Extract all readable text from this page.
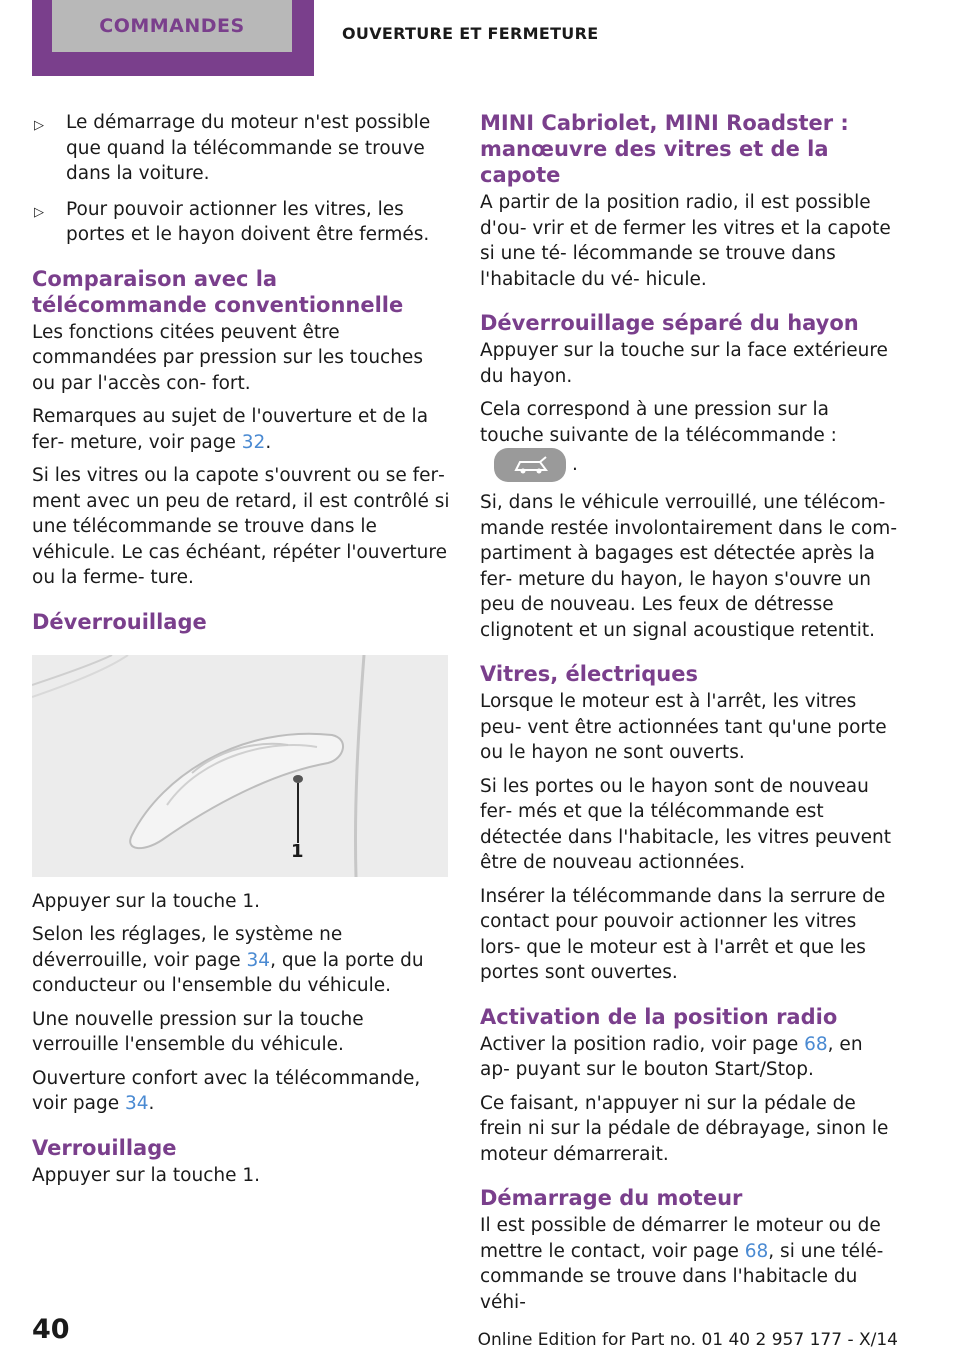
COMMANDES	OUVERTURE ET FERMETURE

▷ Le démarrage du moteur n'est possible que quand la télécommande se trouve dans la voiture.

▷ Pour pouvoir actionner les vitres, les portes et le hayon doivent être fermés.

Comparaison avec la télécommande conventionnelle

Les fonctions citées peuvent être commandées par pression sur les touches ou par l'accès con‐ fort.

Remarques au sujet de l'ouverture et de la fer‐ meture, voir page 32.

Si les vitres ou la capote s'ouvrent ou se fer‐ ment avec un peu de retard, il est contrôlé si une télécommande se trouve dans le véhicule. Le cas échéant, répéter l'ouverture ou la ferme‐ ture.

Déverrouillage
1

Appuyer sur la touche 1.

Selon les réglages, le système ne déverrouille, voir page 34, que la porte du conducteur ou l'ensemble du véhicule.

Une nouvelle pression sur la touche verrouille l'ensemble du véhicule.

Ouverture confort avec la télécommande, voir page 34.

Verrouillage

Appuyer sur la touche 1.

MINI Cabriolet, MINI Roadster : manœuvre des vitres et de la capote

A partir de la position radio, il est possible d'ou‐ vrir et de fermer les vitres et la capote si une té‐ lécommande se trouve dans l'habitacle du vé‐ hicule.

Déverrouillage séparé du hayon

Appuyer sur la touche sur la face extérieure du hayon.

Cela correspond à une pression sur la touche suivante de la télécommande :.

Si, dans le véhicule verrouillé, une télécom‐ mande restée involontairement dans le com‐ partiment à bagages est détectée après la fer‐ meture du hayon, le hayon s'ouvre un peu de nouveau. Les feux de détresse clignotent et un signal acoustique retentit.

Vitres, électriques

Lorsque le moteur est à l'arrêt, les vitres peu‐ vent être actionnées tant qu'une porte ou le hayon ne sont ouverts.

Si les portes ou le hayon sont de nouveau fer‐ més et que la télécommande est détectée dans l'habitacle, les vitres peuvent être de nouveau actionnées.

Insérer la télécommande dans la serrure de contact pour pouvoir actionner les vitres lors‐ que le moteur est à l'arrêt et que les portes sont ouvertes.

Activation de la position radio

Activer la position radio, voir page 68, en ap‐ puyant sur le bouton Start/Stop.

Ce faisant, n'appuyer ni sur la pédale de frein ni sur la pédale de débrayage, sinon le moteur démarrerait.

Démarrage du moteur

Il est possible de démarrer le moteur ou de mettre le contact, voir page 68, si une télé‐ commande se trouve dans l'habitacle du véhi‐

40	Online Edition for Part no. 01 40 2 957 177 - X/14
